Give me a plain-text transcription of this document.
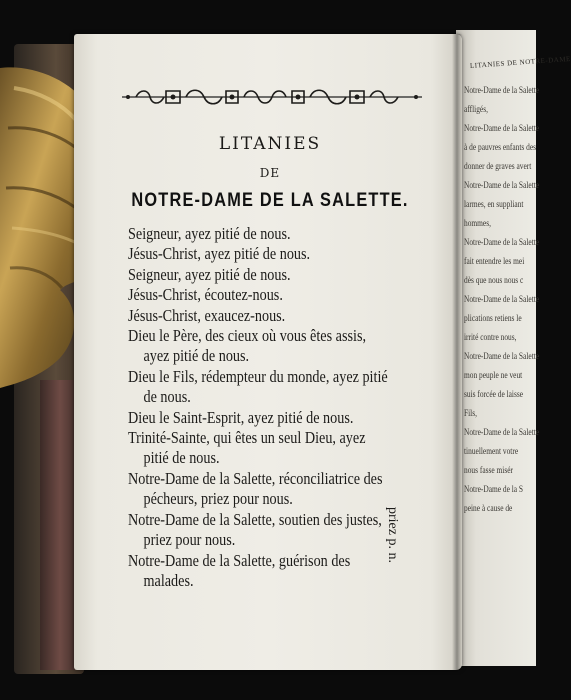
LITANIES
DE
NOTRE-DAME DE LA SALETTE.
Seigneur, ayez pitié de nous.
Jésus-Christ, ayez pitié de nous.
Seigneur, ayez pitié de nous.
Jésus-Christ, écoutez-nous.
Jésus-Christ, exaucez-nous.
Dieu le Père, des cieux où vous êtes assis,
ayez pitié de nous.
Dieu le Fils, rédempteur du monde, ayez pitié
de nous.
Dieu le Saint-Esprit, ayez pitié de nous.
Trinité-Sainte, qui êtes un seul Dieu, ayez
pitié de nous.
Notre-Dame de la Salette, réconciliatrice des
pécheurs, priez pour nous.
Notre-Dame de la Salette, soutien des justes,
priez pour nous.
Notre-Dame de la Salette, guérison des
malades.
priez p. n.
LITANIES DE NOTRE-DAME
Notre-Dame de la Salette
affligés,
Notre-Dame de la Salette
à de pauvres enfants des
donner de graves avert
Notre-Dame de la Salette
larmes, en suppliant
hommes,
Notre-Dame de la Salette
fait entendre les mei
dès que nous nous c
Notre-Dame de la Salette
plications retiens le
irrité contre nous,
Notre-Dame de la Salette
mon peuple ne veut
suis forcée de laisse
Fils,
Notre-Dame de la Salette
tinuellement votre
nous fasse misér
Notre-Dame de la S
peine à cause de
